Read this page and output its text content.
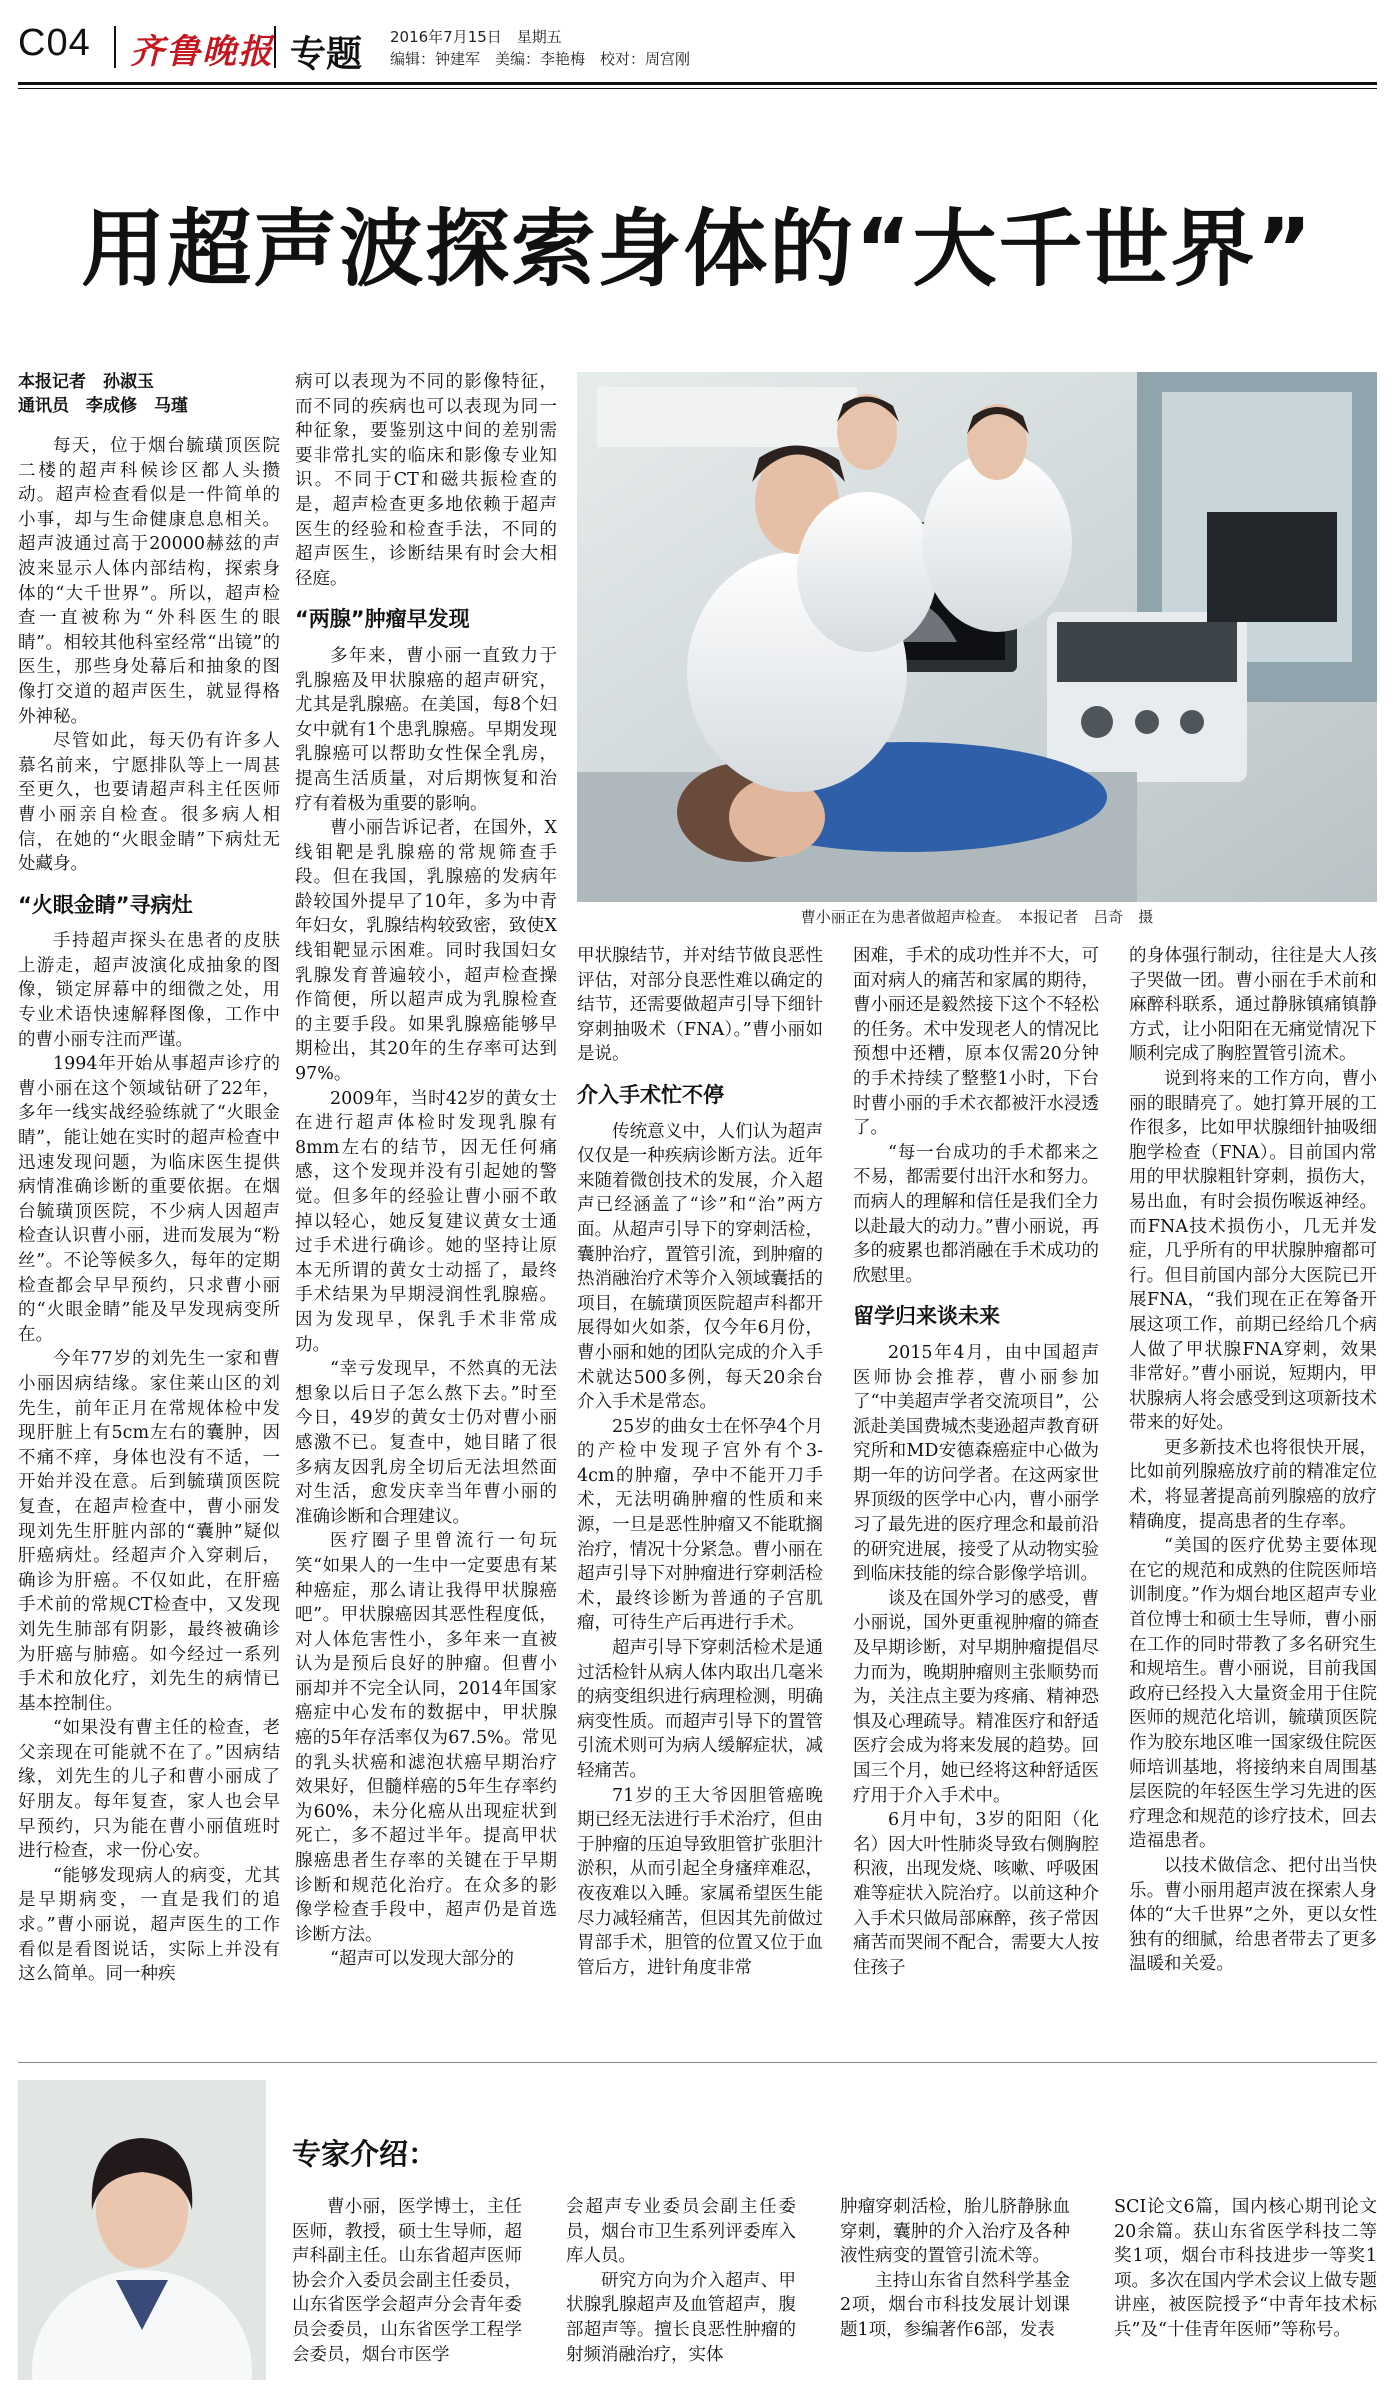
C04 齐鲁晚报 专题 2016年7月15日　星期五
编辑：钟建军　美编：李艳梅　校对：周宫刚
用超声波探索身体的“大千世界”
本报记者　孙淑玉
通讯员　李成修　马瑾

每天，位于烟台毓璜顶医院二楼的超声科候诊区都人头攒动。超声检查看似是一件简单的小事，却与生命健康息息相关。超声波通过高于20000赫兹的声波来显示人体内部结构，探索身体的“大千世界”。所以，超声检查一直被称为“外科医生的眼睛”。相较其他科室经常“出镜”的医生，那些身处幕后和抽象的图像打交道的超声医生，就显得格外神秘。

尽管如此，每天仍有许多人慕名前来，宁愿排队等上一周甚至更久，也要请超声科主任医师曹小丽亲自检查。很多病人相信，在她的“火眼金睛”下病灶无处藏身。

“火眼金睛”寻病灶

手持超声探头在患者的皮肤上游走，超声波演化成抽象的图像，锁定屏幕中的细微之处，用专业术语快速解释图像，工作中的曹小丽专注而严谨。

1994年开始从事超声诊疗的曹小丽在这个领域钻研了22年，多年一线实战经验练就了“火眼金睛”，能让她在实时的超声检查中迅速发现问题，为临床医生提供病情准确诊断的重要依据。在烟台毓璜顶医院，不少病人因超声检查认识曹小丽，进而发展为“粉丝”。不论等候多久，每年的定期检查都会早早预约，只求曹小丽的“火眼金睛”能及早发现病变所在。

今年77岁的刘先生一家和曹小丽因病结缘。家住莱山区的刘先生，前年正月在常规体检中发现肝脏上有5cm左右的囊肿，因不痛不痒，身体也没有不适，一开始并没在意。后到毓璜顶医院复查，在超声检查中，曹小丽发现刘先生肝脏内部的“囊肿”疑似肝癌病灶。经超声介入穿刺后，确诊为肝癌。不仅如此，在肝癌手术前的常规CT检查中，又发现刘先生肺部有阴影，最终被确诊为肝癌与肺癌。如今经过一系列手术和放化疗，刘先生的病情已基本控制住。

“如果没有曹主任的检查，老父亲现在可能就不在了。”因病结缘，刘先生的儿子和曹小丽成了好朋友。每年复查，家人也会早早预约，只为能在曹小丽值班时进行检查，求一份心安。

“能够发现病人的病变，尤其是早期病变，一直是我们的追求。”曹小丽说，超声医生的工作看似是看图说话，实际上并没有这么简单。同一种疾

病可以表现为不同的影像特征，而不同的疾病也可以表现为同一种征象，要鉴别这中间的差别需要非常扎实的临床和影像专业知识。不同于CT和磁共振检查的是，超声检查更多地依赖于超声医生的经验和检查手法，不同的超声医生，诊断结果有时会大相径庭。

“两腺”肿瘤早发现

多年来，曹小丽一直致力于乳腺癌及甲状腺癌的超声研究，尤其是乳腺癌。在美国，每8个妇女中就有1个患乳腺癌。早期发现乳腺癌可以帮助女性保全乳房，提高生活质量，对后期恢复和治疗有着极为重要的影响。

曹小丽告诉记者，在国外，X线钼靶是乳腺癌的常规筛查手段。但在我国，乳腺癌的发病年龄较国外提早了10年，多为中青年妇女，乳腺结构较致密，致使X线钼靶显示困难。同时我国妇女乳腺发育普遍较小，超声检查操作简便，所以超声成为乳腺检查的主要手段。如果乳腺癌能够早期检出，其20年的生存率可达到97%。

2009年，当时42岁的黄女士在进行超声体检时发现乳腺有8mm左右的结节，因无任何痛感，这个发现并没有引起她的警觉。但多年的经验让曹小丽不敢掉以轻心，她反复建议黄女士通过手术进行确诊。她的坚持让原本无所谓的黄女士动摇了，最终手术结果为早期浸润性乳腺癌。因为发现早，保乳手术非常成功。

“幸亏发现早，不然真的无法想象以后日子怎么熬下去。”时至今日，49岁的黄女士仍对曹小丽感激不已。复查中，她目睹了很多病友因乳房全切后无法坦然面对生活，愈发庆幸当年曹小丽的准确诊断和合理建议。

医疗圈子里曾流行一句玩笑“如果人的一生中一定要患有某种癌症，那么请让我得甲状腺癌吧”。甲状腺癌因其恶性程度低，对人体危害性小，多年来一直被认为是预后良好的肿瘤。但曹小丽却并不完全认同，2014年国家癌症中心发布的数据中，甲状腺癌的5年存活率仅为67.5%。常见的乳头状癌和滤泡状癌早期治疗效果好，但髓样癌的5年生存率约为60%，未分化癌从出现症状到死亡，多不超过半年。提高甲状腺癌患者生存率的关键在于早期诊断和规范化治疗。在众多的影像学检查手段中，超声仍是首选诊断方法。

“超声可以发现大部分的

曹小丽正在为患者做超声检查。　本报记者　吕奇　摄

甲状腺结节，并对结节做良恶性评估，对部分良恶性难以确定的结节，还需要做超声引导下细针穿刺抽吸术（FNA）。”曹小丽如是说。

介入手术忙不停

传统意义中，人们认为超声仅仅是一种疾病诊断方法。近年来随着微创技术的发展，介入超声已经涵盖了“诊”和“治”两方面。从超声引导下的穿刺活检，囊肿治疗，置管引流，到肿瘤的热消融治疗术等介入领域囊括的项目，在毓璜顶医院超声科都开展得如火如荼，仅今年6月份，曹小丽和她的团队完成的介入手术就达500多例，每天20余台介入手术是常态。

25岁的曲女士在怀孕4个月的产检中发现子宫外有个3-4cm的肿瘤，孕中不能开刀手术，无法明确肿瘤的性质和来源，一旦是恶性肿瘤又不能耽搁治疗，情况十分紧急。曹小丽在超声引导下对肿瘤进行穿刺活检术，最终诊断为普通的子宫肌瘤，可待生产后再进行手术。

超声引导下穿刺活检术是通过活检针从病人体内取出几毫米的病变组织进行病理检测，明确病变性质。而超声引导下的置管引流术则可为病人缓解症状，减轻痛苦。

71岁的王大爷因胆管癌晚期已经无法进行手术治疗，但由于肿瘤的压迫导致胆管扩张胆汁淤积，从而引起全身瘙痒难忍，夜夜难以入睡。家属希望医生能尽力减轻痛苦，但因其先前做过胃部手术，胆管的位置又位于血管后方，进针角度非常

困难，手术的成功性并不大，可面对病人的痛苦和家属的期待，曹小丽还是毅然接下这个不轻松的任务。术中发现老人的情况比预想中还糟，原本仅需20分钟的手术持续了整整1小时，下台时曹小丽的手术衣都被汗水浸透了。

“每一台成功的手术都来之不易，都需要付出汗水和努力。而病人的理解和信任是我们全力以赴最大的动力。”曹小丽说，再多的疲累也都消融在手术成功的欣慰里。

留学归来谈未来

2015年4月，由中国超声医师协会推荐，曹小丽参加了“中美超声学者交流项目”，公派赴美国费城杰斐逊超声教育研究所和MD安德森癌症中心做为期一年的访问学者。在这两家世界顶级的医学中心内，曹小丽学习了最先进的医疗理念和最前沿的研究进展，接受了从动物实验到临床技能的综合影像学培训。

谈及在国外学习的感受，曹小丽说，国外更重视肿瘤的筛查及早期诊断，对早期肿瘤提倡尽力而为，晚期肿瘤则主张顺势而为，关注点主要为疼痛、精神恐惧及心理疏导。精准医疗和舒适医疗会成为将来发展的趋势。回国三个月，她已经将这种舒适医疗用于介入手术中。

6月中旬，3岁的阳阳（化名）因大叶性肺炎导致右侧胸腔积液，出现发烧、咳嗽、呼吸困难等症状入院治疗。以前这种介入手术只做局部麻醉，孩子常因痛苦而哭闹不配合，需要大人按住孩子

的身体强行制动，往往是大人孩子哭做一团。曹小丽在手术前和麻醉科联系，通过静脉镇痛镇静方式，让小阳阳在无痛觉情况下顺利完成了胸腔置管引流术。

说到将来的工作方向，曹小丽的眼睛亮了。她打算开展的工作很多，比如甲状腺细针抽吸细胞学检查（FNA）。目前国内常用的甲状腺粗针穿刺，损伤大，易出血，有时会损伤喉返神经。而FNA技术损伤小，几无并发症，几乎所有的甲状腺肿瘤都可行。但目前国内部分大医院已开展FNA，“我们现在正在筹备开展这项工作，前期已经给几个病人做了甲状腺FNA穿刺，效果非常好。”曹小丽说，短期内，甲状腺病人将会感受到这项新技术带来的好处。

更多新技术也将很快开展，比如前列腺癌放疗前的精准定位术，将显著提高前列腺癌的放疗精确度，提高患者的生存率。

“美国的医疗优势主要体现在它的规范和成熟的住院医师培训制度。”作为烟台地区超声专业首位博士和硕士生导师，曹小丽在工作的同时带教了多名研究生和规培生。曹小丽说，目前我国政府已经投入大量资金用于住院医师的规范化培训，毓璜顶医院作为胶东地区唯一国家级住院医师培训基地，将接纳来自周围基层医院的年轻医生学习先进的医疗理念和规范的诊疗技术，回去造福患者。

以技术做信念、把付出当快乐。曹小丽用超声波在探索人身体的“大千世界”之外，更以女性独有的细腻，给患者带去了更多温暖和关爱。

专家介绍：

曹小丽，医学博士，主任医师，教授，硕士生导师，超声科副主任。山东省超声医师协会介入委员会副主任委员，山东省医学会超声分会青年委员会委员，山东省医学工程学会委员，烟台市医学

会超声专业委员会副主任委员，烟台市卫生系列评委库入库人员。

研究方向为介入超声、甲状腺乳腺超声及血管超声，腹部超声等。擅长良恶性肿瘤的射频消融治疗，实体

肿瘤穿刺活检，胎儿脐静脉血穿刺，囊肿的介入治疗及各种液性病变的置管引流术等。

主持山东省自然科学基金2项，烟台市科技发展计划课题1项，参编著作6部，发表

SCI论文6篇，国内核心期刊论文20余篇。获山东省医学科技二等奖1项，烟台市科技进步一等奖1项。多次在国内学术会议上做专题讲座，被医院授予“中青年技术标兵”及“十佳青年医师”等称号。
